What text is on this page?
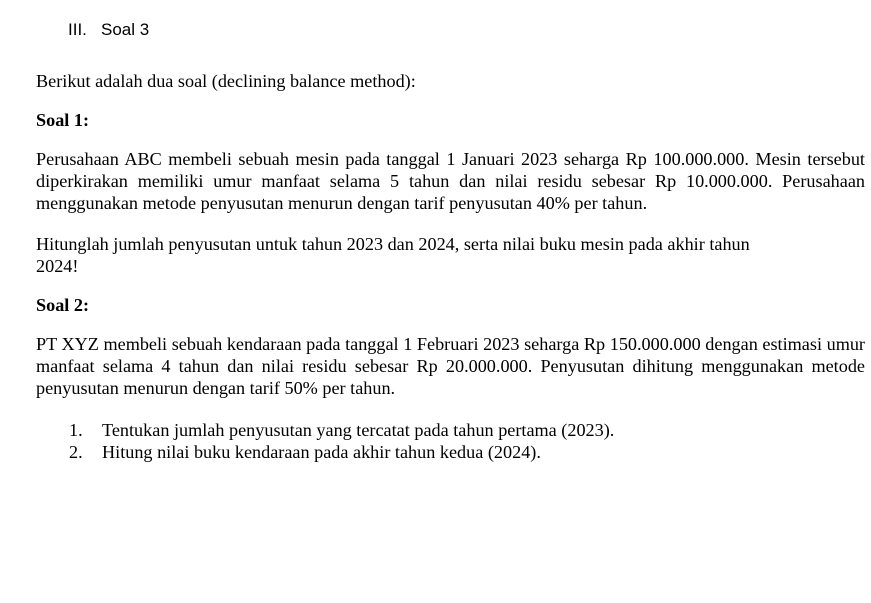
III. Soal 3

Berikut adalah dua soal (declining balance method):

Soal 1:

Perusahaan ABC membeli sebuah mesin pada tanggal 1 Januari 2023 seharga Rp 100.000.000. Mesin tersebut diperkirakan memiliki umur manfaat selama 5 tahun dan nilai residu sebesar Rp 10.000.000. Perusahaan menggunakan metode penyusutan menurun dengan tarif penyusutan 40% per tahun.

Hitunglah jumlah penyusutan untuk tahun 2023 dan 2024, serta nilai buku mesin pada akhir tahun
2024!

Soal 2:

PT XYZ membeli sebuah kendaraan pada tanggal 1 Februari 2023 seharga Rp 150.000.000 dengan estimasi umur manfaat selama 4 tahun dan nilai residu sebesar Rp 20.000.000. Penyusutan dihitung menggunakan metode penyusutan menurun dengan tarif 50% per tahun.

1.	Tentukan jumlah penyusutan yang tercatat pada tahun pertama (2023).
2.	Hitung nilai buku kendaraan pada akhir tahun kedua (2024).
